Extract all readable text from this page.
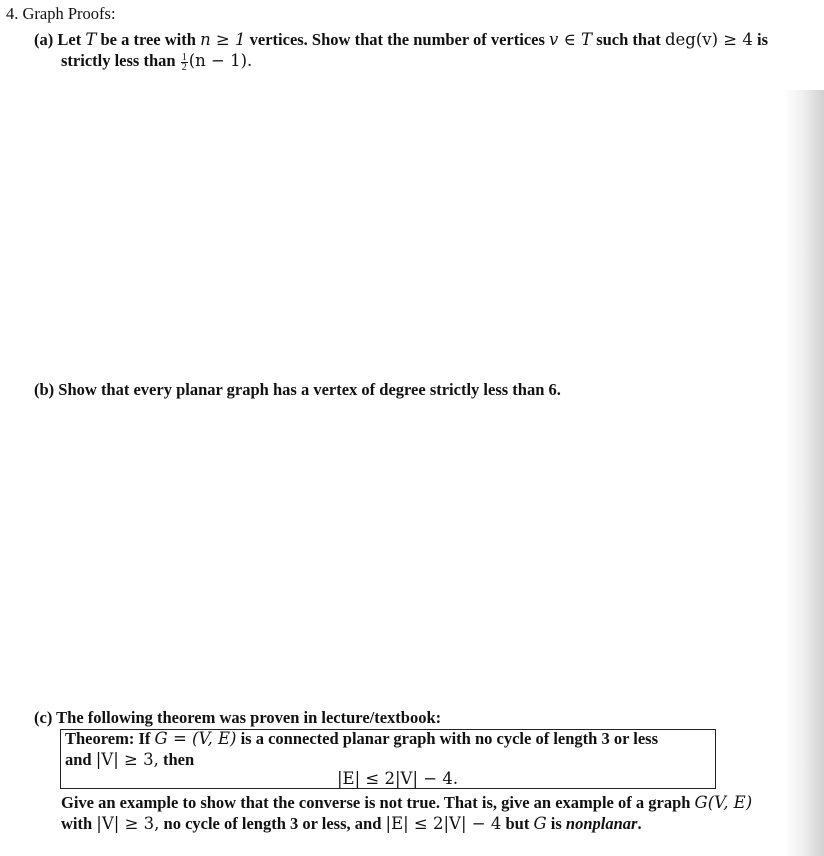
4. Graph Proofs:
(a) Let T be a tree with n ≥ 1 vertices. Show that the number of vertices v ∈ T such that deg(v) ≥ 4 is
strictly less than $\frac{1}{2} (n - 1)$.
(b) Show that every planar graph has a vertex of degree strictly less than 6.
(c) The following theorem was proven in lecture/textbook:
Theorem: If G = (V, E) is a connected planar graph with no cycle of length 3 or less
and |V| ≥ 3, then
|E| ≤ 2|V| − 4.
Give an example to show that the converse is not true. That is, give an example of a graph G(V, E)
with |V| ≥ 3, no cycle of length 3 or less, and |E| ≤ 2|V| − 4 but G is nonplanar.
